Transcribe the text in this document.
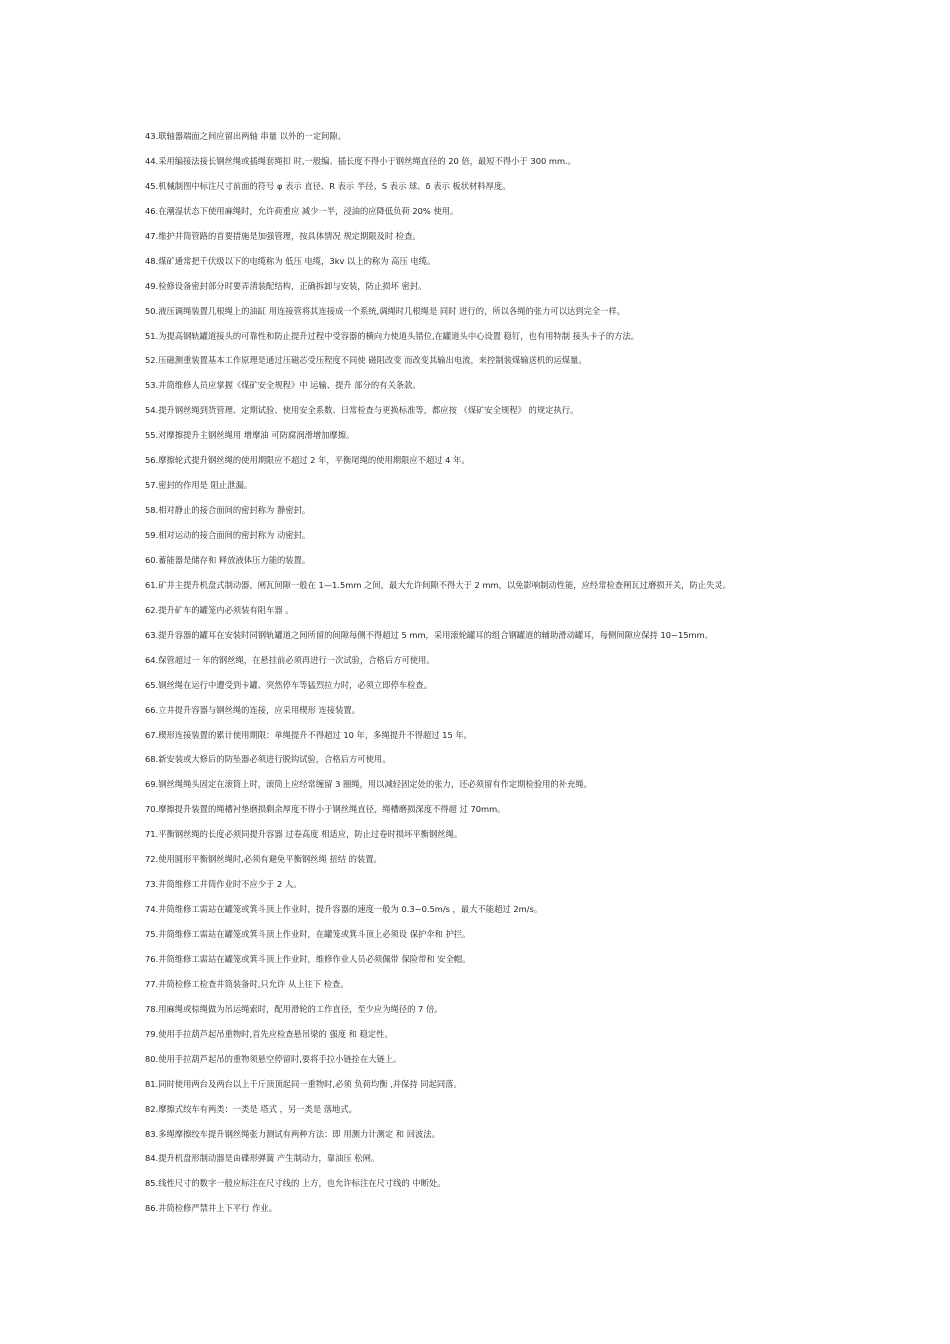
43.联轴器端面之间应留出两轴 串量 以外的一定间隙。
44.采用编接法接长钢丝绳或插绳套绳扣 时,一般编、插长度不得小于钢丝绳直径的 20 倍，最短不得小于 300 mm.。
45.机械制图中标注尺寸前面的符号 φ 表示 直径、R 表示 半径、S 表示 球、δ 表示 板状材料厚度。
46.在潮湿状态下使用麻绳时，允许荷重应 减少一半，浸油的应降低负荷 20% 使用。
47.维护井筒管路的首要措施是加强管理，按具体情况 规定期限及时 检查。
48.煤矿通常把千伏级以下的电缆称为 低压 电缆，3kv 以上的称为 高压 电缆。
49.检修设备密封部分时要弄清装配结构，正确拆卸与安装，防止损坏 密封。
50.液压调绳装置几根绳上的油缸 用连接管将其连接成一个系统,调绳时几根绳是 同时 进行的，所以各绳的张力可以达到完全一样。
51.为提高钢轨罐道接头的可靠性和防止提升过程中受容器的横向力使道头错位,在罐道头中心设置 稳钉，也有用特制 接头卡子的方法。
52.压磁测重装置基本工作原理是通过压磁芯受压程度不同使 磁阻改变 而改变其输出电流，来控制装煤输送机的运煤量。
53.井筒维修人员应掌握《煤矿安全规程》中 运输、提升 部分的有关条款。
54.提升钢丝绳到货管理、定期试验、使用安全系数、日常检查与更换标准等，都应按 《煤矿安全规程》 的规定执行。
55.对摩擦提升主钢丝绳用 增摩油 可防腐润滑增加摩擦。
56.摩擦轮式提升钢丝绳的使用期限应不超过 2 年，平衡尾绳的使用期限应不超过 4 年。
57.密封的作用是 阻止泄漏。
58.相对静止的接合面间的密封称为 静密封。
59.相对运动的接合面间的密封称为 动密封。
60.蓄能器是储存和 释放液体压力能的装置。
61.矿井主提升机盘式制动器，闸瓦间隙一般在 1—1.5mm 之间，最大允许间隙不得大于 2 mm，以免影响制动性能，应经常检查闸瓦过磨损开关，防止失灵。
62.提升矿车的罐笼内必须装有阻车器 。
63.提升容器的罐耳在安装时同钢轨罐道之间所留的间隙每侧不得超过 5 mm，采用滚轮罐耳的组合钢罐道的辅助滑动罐耳，每侧间隙应保持 10~15mm。
64.保管超过一 年的钢丝绳，在悬挂前必须再进行一次试验，合格后方可使用。
65.钢丝绳在运行中遭受到卡罐、突然停车等猛烈拉力时，必须立即停车检查。
66.立井提升容器与钢丝绳的连接，应采用楔形 连接装置。
67.楔形连接装置的累计使用期限：单绳提升不得超过 10 年，多绳提升不得超过 15 年。
68.新安装或大修后的防坠器必须进行脱钩试验，合格后方可使用。
69.钢丝绳绳头固定在滚筒上时，滚筒上应经常缠留 3 圈绳，用以减轻固定处的张力，还必须留有作定期检验用的补充绳。
70.摩擦提升装置的绳槽衬垫磨损剩余厚度不得小于钢丝绳直径，绳槽磨损深度不得超 过 70mm。
71.平衡钢丝绳的长度必须同提升容器 过卷高度 相适应，防止过卷时损坏平衡钢丝绳。
72.使用圆形平衡钢丝绳时,必须有避免平衡钢丝绳 扭结 的装置。
73.井筒维修工井筒作业时不应少于 2 人。
74.井筒维修工需站在罐笼或箕斗顶上作业时，提升容器的速度一般为 0.3~0.5m/s ，最大不能超过 2m/s。
75.井筒维修工需站在罐笼或箕斗顶上作业时，在罐笼或箕斗顶上必须设 保护伞和 护拦。
76.井筒维修工需站在罐笼或箕斗顶上作业时，维修作业人员必须佩带 保险带和 安全帽。
77.井筒检修工检查井筒装备时,只允许 从上往下 检查。
78.用麻绳或棕绳做为吊运绳索时，配用滑轮的工作直径，至少应为绳径的 7 倍。
79.使用手拉葫芦起吊重物时,首先应检查悬吊梁的 强度 和 稳定性。
80.使用手拉葫芦起吊的重物须悬空停留时,要将手拉小链拴在大链上。
81.同时使用两台及两台以上千斤顶顶起同一重物时,必须 负荷均衡 ,并保持 同起同落。
82.摩擦式绞车有两类：一类是 塔式 ，另一类是 落地式。
83.多绳摩擦绞车提升钢丝绳张力测试有两种方法：即 用测力计测定 和 回波法。
84.提升机盘形制动器是由碟形弹簧 产生制动力，靠油压 松闸。
85.线性尺寸的数字一般应标注在尺寸线的 上方，也允许标注在尺寸线的 中断处。
86.井筒检修严禁井上下平行 作业。
